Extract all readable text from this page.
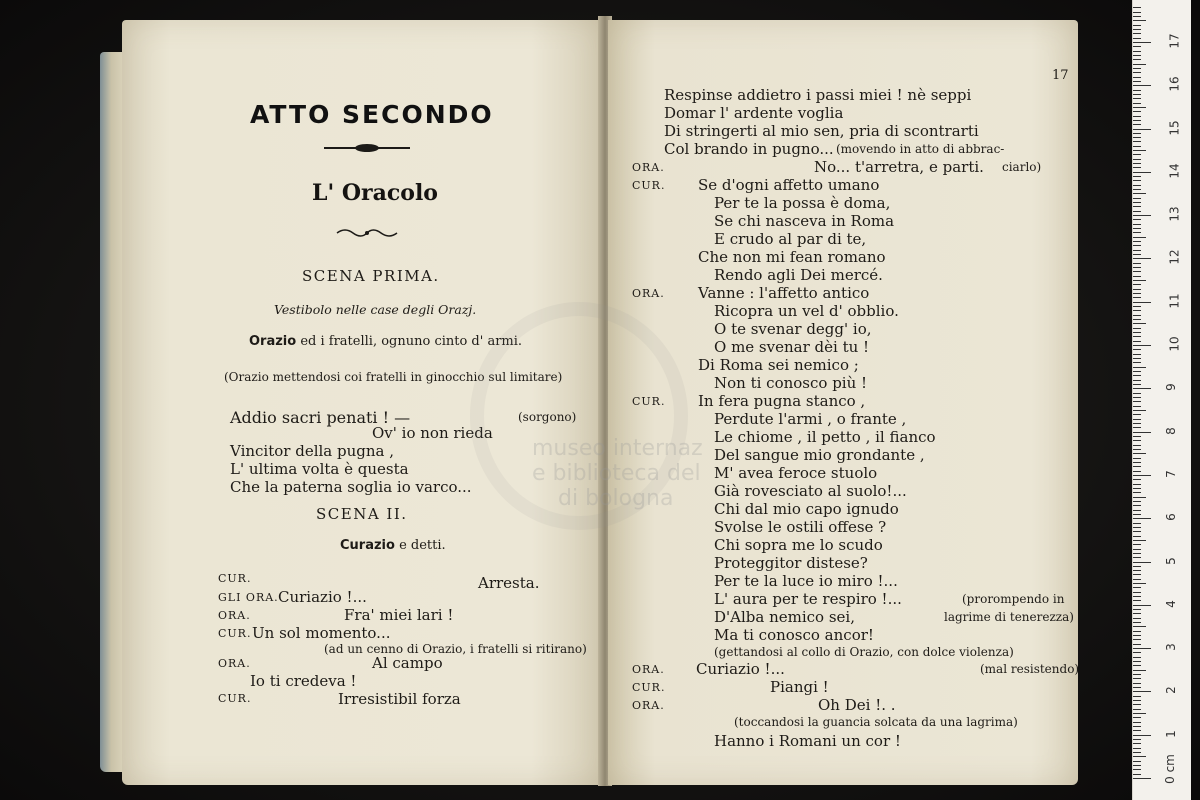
ATTO SECONDO
L' Oracolo
SCENA PRIMA.
Vestibolo nelle case degli Orazj.
Orazio ed i fratelli, ognuno cinto d' armi.
(Orazio mettendosi coi fratelli in ginocchio sul limitare)
Addio sacri penati ! —	(sorgono)
Ov' io non rieda
Vincitor della pugna ,
L' ultima volta è questa
Che la paterna soglia io varco...
SCENA II.
Curazio e detti.
CUR.	Arresta.
GLI ORA. Curiazio !...
ORA.	Fra' miei lari !
CUR. Un sol momento...
(ad un cenno di Orazio, i fratelli si ritirano)
ORA.	Al campo
Io ti credeva !
CUR.	Irresistibil forza
17
Respinse addietro i passi miei ! nè seppi
Domar l' ardente voglia
Di stringerti al mio sen, pria di scontrarti
Col brando in pugno... (movendo in atto di abbrac-
ORA.	No... t'arretra, e parti. ciarlo)
CUR. Se d'ogni affetto umano
Per te la possa è doma,
Se chi nasceva in Roma
E crudo al par di te,
Che non mi fean romano
Rendo agli Dei mercé.
ORA. Vanne : l'affetto antico
Ricopra un vel d' obblio.
O te svenar degg' io,
O me svenar dèi tu !
Di Roma sei nemico ;
Non ti conosco più !
CUR. In fera pugna stanco ,
Perdute l'armi , o frante ,
Le chiome , il petto , il fianco
Del sangue mio grondante ,
M' avea feroce stuolo
Già rovesciato al suolo!...
Chi dal mio capo ignudo
Svolse le ostili offese ?
Chi sopra me lo scudo
Proteggitor distese?
Per te la luce io miro !...
L' aura per te respiro !...	(prorompendo in
D'Alba nemico sei,	lagrime di tenerezza)
Ma ti conosco ancor!
(gettandosi al collo di Orazio, con dolce violenza)
ORA. Curiazio !...	(mal resistendo)
CUR.	Piangi !
ORA.	Oh Dei !. .
(toccandosi la guancia solcata da una lagrima)
Hanno i Romani un cor !
museo internaz
e biblioteca del
di bologna
0 cm
1
2
3
4
5
6
7
8
9
10
11
12
13
14
15
16
17
